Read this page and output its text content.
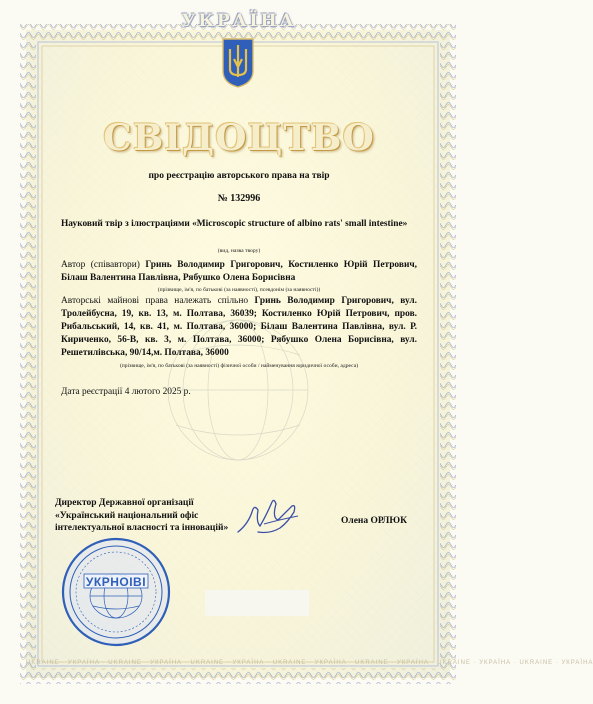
УКРАЇНА
СВІДОЦТВО
про реєстрацію авторського права на твір
№ 132996
Науковий твір з ілюстраціями «Microscopic structure of albino rats' small intestine»
(вид, назва твору)
Автор (співавтори) Гринь Володимир Григорович, Костиленко Юрій Петрович, Білаш Валентина Павлівна, Рябушко Олена Борисівна
(прізвище, ім'я, по батькові (за наявності), псевдонім (за наявності))
Авторські майнові права належать спільно Гринь Володимир Григорович, вул. Тролейбусна, 19, кв. 13, м. Полтава, 36039; Костиленко Юрій Петрович, пров. Рибальський, 14, кв. 41, м. Полтава, 36000; Білаш Валентина Павлівна, вул. Р. Кириченко, 56-В, кв. 3, м. Полтава, 36000; Рябушко Олена Борисівна, вул. Решетилівська, 90/14,м. Полтава, 36000
(прізвище, ім'я, по батькові (за наявності) фізичної особи / найменування юридичної особи, адреса)
Дата реєстрації 4 лютого 2025 р.
Директор Державної організації «Український національний офіс інтелектуальної власності та інновацій»
Олена ОРЛЮК
УКРНОІВІ
UKRAINE · УКРАЇНА · UKRAINE · УКРАЇНА · UKRAINE · УКРАЇНА · UKRAINE · УКРАЇНА · UKRAINE · УКРАЇНА · UKRAINE · УКРАЇНА · UKRAINE · УКРАЇНА
